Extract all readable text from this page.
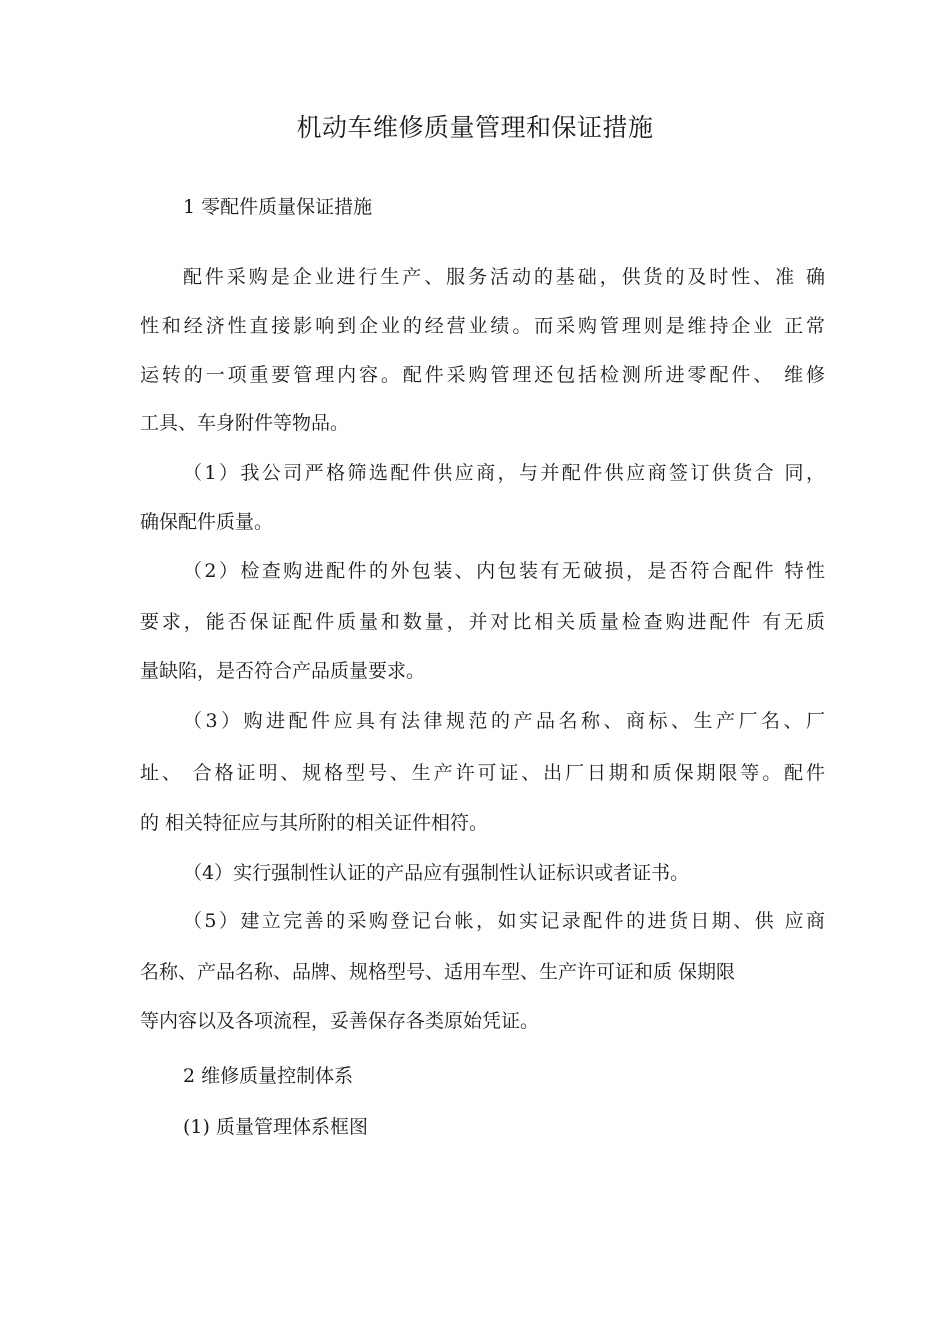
机动车维修质量管理和保证措施
1 零配件质量保证措施
配件采购是企业进行生产、服务活动的基础，供货的及时性、准 确
性和经济性直接影响到企业的经营业绩。而采购管理则是维持企业 正常
运转的一项重要管理内容。配件采购管理还包括检测所进零配件、 维修
工具、车身附件等物品。
（1）我公司严格筛选配件供应商，与并配件供应商签订供货合 同，
确保配件质量。
（2）检查购进配件的外包装、内包装有无破损，是否符合配件 特性
要求，能否保证配件质量和数量，并对比相关质量检查购进配件 有无质
量缺陷，是否符合产品质量要求。
（3）购进配件应具有法律规范的产品名称、商标、生产厂名、厂
址、 合格证明、规格型号、生产许可证、出厂日期和质保期限等。配件
的 相关特征应与其所附的相关证件相符。
（4）实行强制性认证的产品应有强制性认证标识或者证书。
（5）建立完善的采购登记台帐，如实记录配件的进货日期、供 应商
名称、产品名称、品牌、规格型号、适用车型、生产许可证和质 保期限
等内容以及各项流程，妥善保存各类原始凭证。
2 维修质量控制体系
(1) 质量管理体系框图
